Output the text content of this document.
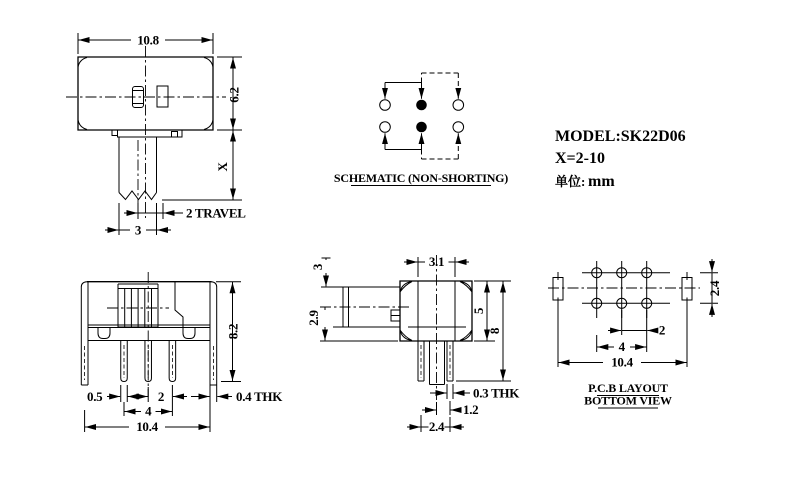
10.8
6.2
X
2 TRAVEL
3
SCHEMATIC (NON-SHORTING)
MODEL:SK22D06
X=2-10
单位: mm
8.2
0.5	2	0.4 THK
4
10.4
3.1
3
2.9	5
8
0.3 THK
1.2
2.4
2.4
2
4
10.4
P.C.B LAYOUT
BOTTOM VIEW
